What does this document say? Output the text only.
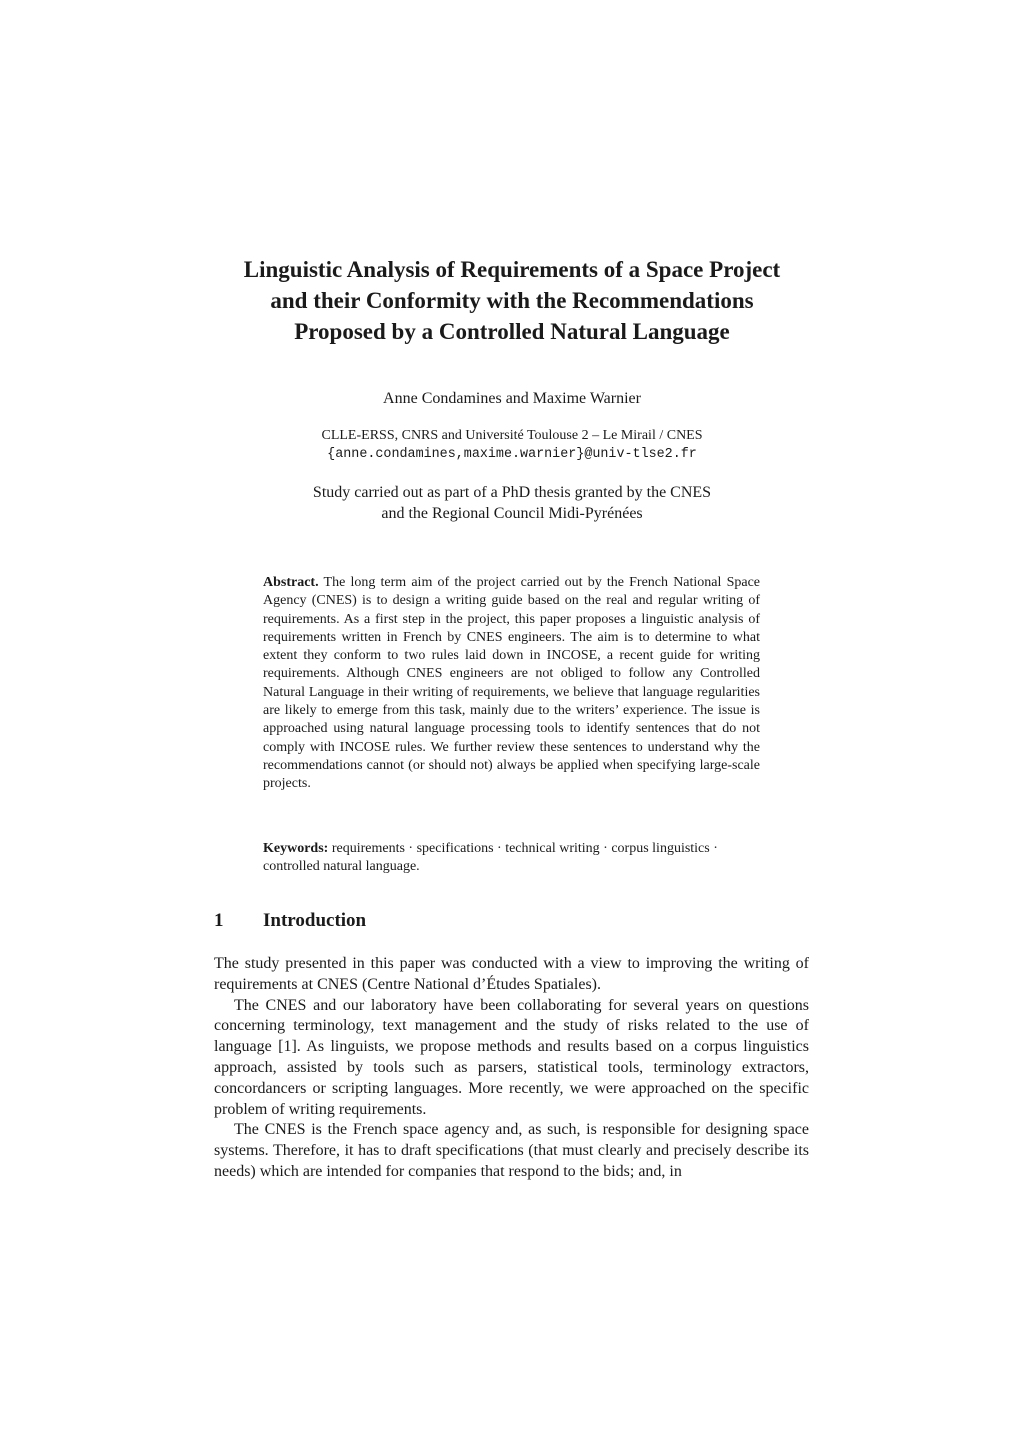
Linguistic Analysis of Requirements of a Space Project
and their Conformity with the Recommendations
Proposed by a Controlled Natural Language
Anne Condamines and Maxime Warnier
CLLE-ERSS, CNRS and Université Toulouse 2 – Le Mirail / CNES
{anne.condamines,maxime.warnier}@univ-tlse2.fr
Study carried out as part of a PhD thesis granted by the CNES
and the Regional Council Midi-Pyrénées

Abstract. The long term aim of the project carried out by the French National Space Agency (CNES) is to design a writing guide based on the real and regular writing of requirements. As a first step in the project, this paper proposes a linguistic analysis of requirements written in French by CNES engineers. The aim is to determine to what extent they conform to two rules laid down in INCOSE, a recent guide for writing requirements. Although CNES engineers are not obliged to follow any Controlled Natural Language in their writing of requirements, we believe that language regularities are likely to emerge from this task, mainly due to the writers’ experience. The issue is approached using natural language processing tools to identify sentences that do not comply with INCOSE rules. We further review these sentences to understand why the recommendations cannot (or should not) always be applied when specifying large-scale projects.

Keywords: requirements · specifications · technical writing · corpus linguistics · controlled natural language.
1 Introduction

The study presented in this paper was conducted with a view to improving the writing of requirements at CNES (Centre National d’Études Spatiales).

The CNES and our laboratory have been collaborating for several years on questions concerning terminology, text management and the study of risks related to the use of language [1]. As linguists, we propose methods and results based on a corpus linguistics approach, assisted by tools such as parsers, statistical tools, terminology extractors, concordancers or scripting languages. More recently, we were approached on the specific problem of writing requirements.

The CNES is the French space agency and, as such, is responsible for designing space systems. Therefore, it has to draft specifications (that must clearly and precisely describe its needs) which are intended for companies that respond to the bids; and, in
